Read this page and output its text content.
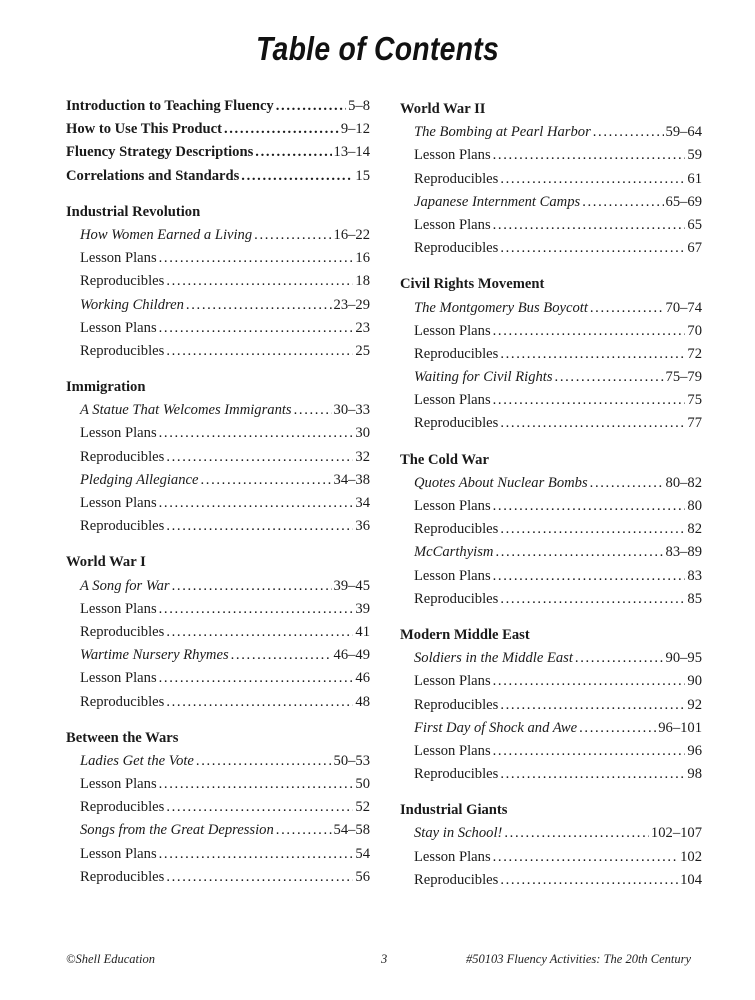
Table of Contents
Introduction to Teaching Fluency . . .	5–8
How to Use This Product . . .	9–12
Fluency Strategy Descriptions . . .	13–14
Correlations and Standards . . .	15
Industrial Revolution
How Women Earned a Living . . .	16–22
Lesson Plans . . .	16
Reproducibles . . .	18
Working Children . . .	23–29
Lesson Plans . . .	23
Reproducibles . . .	25
Immigration
A Statue That Welcomes Immigrants . . .	30–33
Lesson Plans . . .	30
Reproducibles . . .	32
Pledging Allegiance . . .	34–38
Lesson Plans . . .	34
Reproducibles . . .	36
World War I
A Song for War . . .	39–45
Lesson Plans . . .	39
Reproducibles . . .	41
Wartime Nursery Rhymes . . .	46–49
Lesson Plans . . .	46
Reproducibles . . .	48
Between the Wars
Ladies Get the Vote . . .	50–53
Lesson Plans . . .	50
Reproducibles . . .	52
Songs from the Great Depression . . .	54–58
Lesson Plans . . .	54
Reproducibles . . .	56
World War II
The Bombing at Pearl Harbor . . .	59–64
Lesson Plans . . .	59
Reproducibles . . .	61
Japanese Internment Camps . . .	65–69
Lesson Plans . . .	65
Reproducibles . . .	67
Civil Rights Movement
The Montgomery Bus Boycott . . .	70–74
Lesson Plans . . .	70
Reproducibles . . .	72
Waiting for Civil Rights . . .	75–79
Lesson Plans . . .	75
Reproducibles . . .	77
The Cold War
Quotes About Nuclear Bombs . . .	80–82
Lesson Plans . . .	80
Reproducibles . . .	82
McCarthyism . . .	83–89
Lesson Plans . . .	83
Reproducibles . . .	85
Modern Middle East
Soldiers in the Middle East . . .	90–95
Lesson Plans . . .	90
Reproducibles . . .	92
First Day of Shock and Awe . . .	96–101
Lesson Plans . . .	96
Reproducibles . . .	98
Industrial Giants
Stay in School! . . .	102–107
Lesson Plans . . .	102
Reproducibles . . .	104
©Shell Education	3	#50103 Fluency Activities: The 20th Century
